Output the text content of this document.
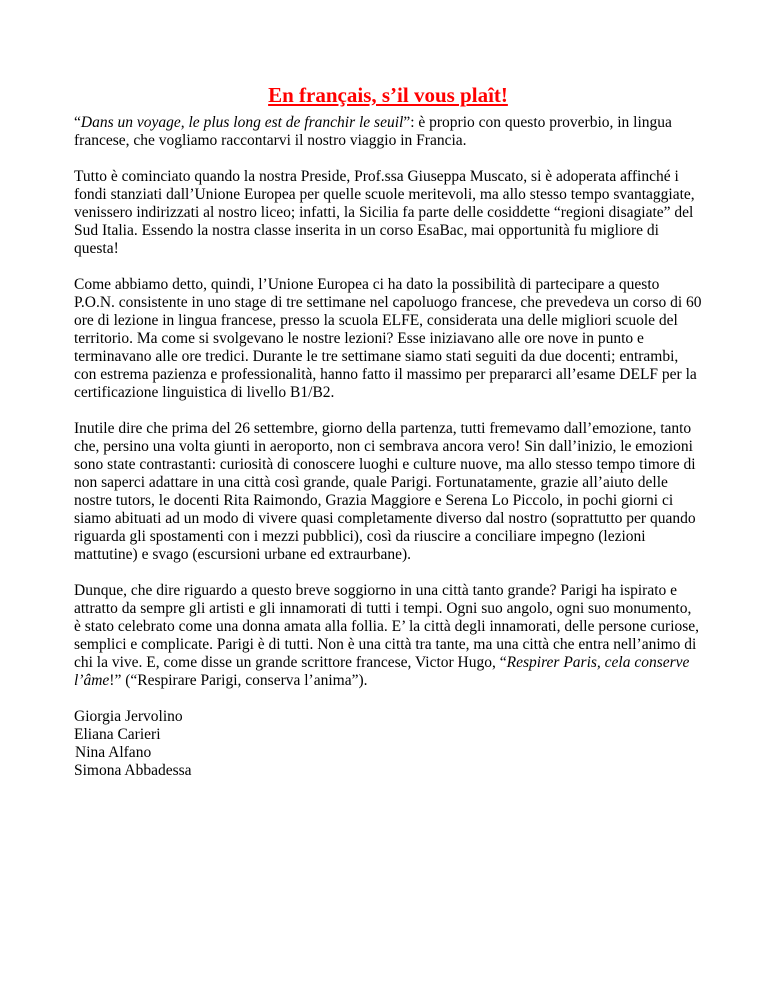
En français, s’il vous plaît!

“Dans un voyage, le plus long est de franchir le seuil”: è proprio con questo proverbio, in lingua francese, che vogliamo raccontarvi il nostro viaggio in Francia.

Tutto è cominciato quando la nostra Preside, Prof.ssa Giuseppa Muscato, si è adoperata affinché i fondi stanziati dall’Unione Europea per quelle scuole meritevoli, ma allo stesso tempo svantaggiate, venissero indirizzati al nostro liceo; infatti, la Sicilia fa parte delle cosiddette “regioni disagiate” del Sud Italia. Essendo la nostra classe inserita in un corso EsaBac, mai opportunità fu migliore di questa!

Come abbiamo detto, quindi, l’Unione Europea ci ha dato la possibilità di partecipare a questo P.O.N. consistente in uno stage di tre settimane nel capoluogo francese, che prevedeva un corso di 60 ore di lezione in lingua francese, presso la scuola ELFE, considerata una delle migliori scuole del territorio. Ma come si svolgevano le nostre lezioni? Esse iniziavano alle ore nove in punto e terminavano alle ore tredici. Durante le tre settimane siamo stati seguiti da due docenti; entrambi, con estrema pazienza e professionalità, hanno fatto il massimo per prepararci all’esame DELF per la certificazione linguistica di livello B1/B2.

Inutile dire che prima del 26 settembre, giorno della partenza, tutti fremevamo dall’emozione, tanto che, persino una volta giunti in aeroporto, non ci sembrava ancora vero! Sin dall’inizio, le emozioni sono state contrastanti: curiosità di conoscere luoghi e culture nuove, ma allo stesso tempo timore di non saperci adattare in una città così grande, quale Parigi. Fortunatamente, grazie all’aiuto delle nostre tutors, le docenti Rita Raimondo, Grazia Maggiore e Serena Lo Piccolo, in pochi giorni ci siamo abituati ad un modo di vivere quasi completamente diverso dal nostro (soprattutto per quando riguarda gli spostamenti con i mezzi pubblici), così da riuscire a conciliare impegno (lezioni mattutine) e svago (escursioni urbane ed extraurbane).

Dunque, che dire riguardo a questo breve soggiorno in una città tanto grande? Parigi ha ispirato e attratto da sempre gli artisti e gli innamorati di tutti i tempi. Ogni suo angolo, ogni suo monumento, è stato celebrato come una donna amata alla follia. E’ la città degli innamorati, delle persone curiose, semplici e complicate. Parigi è di tutti. Non è una città tra tante, ma una città che entra nell’animo di chi la vive. E, come disse un grande scrittore francese, Victor Hugo, “Respirer Paris, cela conserve l’âme!” (“Respirare Parigi, conserva l’anima”).

Giorgia Jervolino
Eliana Carieri
Nina Alfano
Simona Abbadessa
